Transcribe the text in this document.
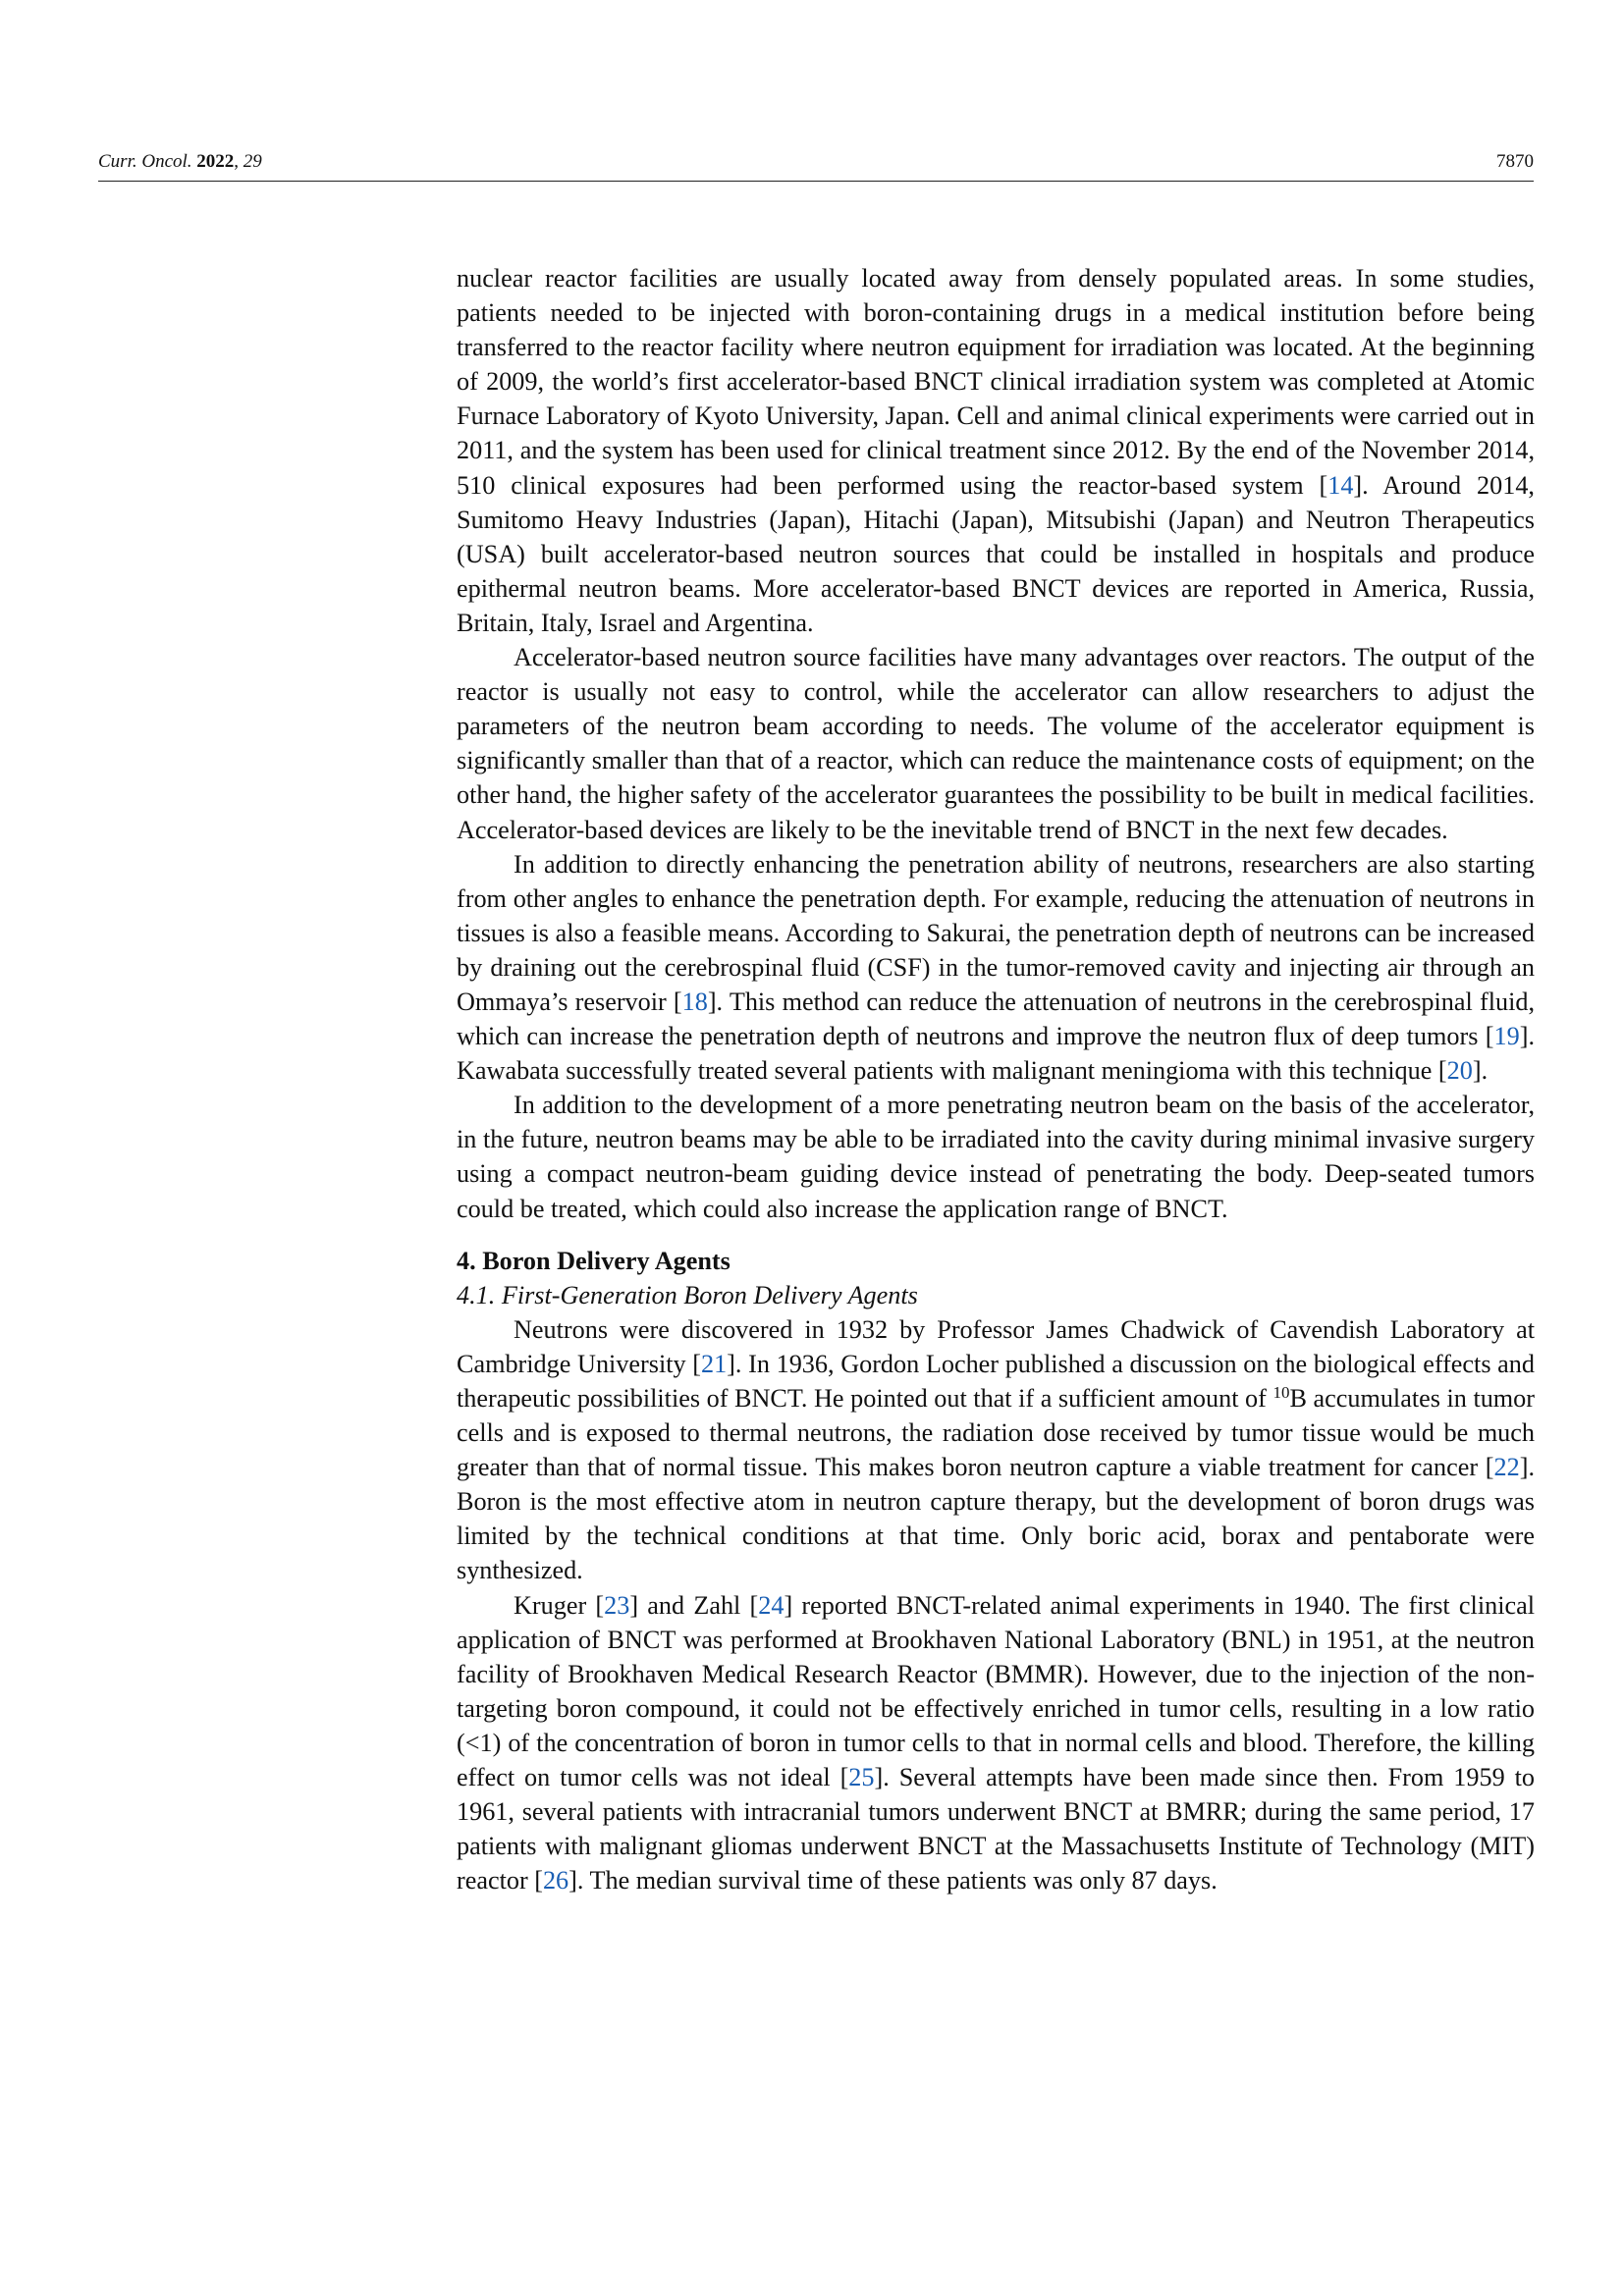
Curr. Oncol. 2022, 29	7870

nuclear reactor facilities are usually located away from densely populated areas. In some studies, patients needed to be injected with boron-containing drugs in a medical institution before being transferred to the reactor facility where neutron equipment for irradiation was located. At the beginning of 2009, the world’s first accelerator-based BNCT clinical irradiation system was completed at Atomic Furnace Laboratory of Kyoto University, Japan. Cell and animal clinical experiments were carried out in 2011, and the system has been used for clinical treatment since 2012. By the end of the November 2014, 510 clinical exposures had been performed using the reactor-based system [14]. Around 2014, Sumitomo Heavy Industries (Japan), Hitachi (Japan), Mitsubishi (Japan) and Neutron Therapeutics (USA) built accelerator-based neutron sources that could be installed in hospitals and produce epithermal neutron beams. More accelerator-based BNCT devices are reported in America, Russia, Britain, Italy, Israel and Argentina.

Accelerator-based neutron source facilities have many advantages over reactors. The output of the reactor is usually not easy to control, while the accelerator can allow researchers to adjust the parameters of the neutron beam according to needs. The volume of the accelerator equipment is significantly smaller than that of a reactor, which can reduce the maintenance costs of equipment; on the other hand, the higher safety of the accelerator guarantees the possibility to be built in medical facilities. Accelerator-based devices are likely to be the inevitable trend of BNCT in the next few decades.

In addition to directly enhancing the penetration ability of neutrons, researchers are also starting from other angles to enhance the penetration depth. For example, reducing the attenuation of neutrons in tissues is also a feasible means. According to Sakurai, the penetration depth of neutrons can be increased by draining out the cerebrospinal fluid (CSF) in the tumor-removed cavity and injecting air through an Ommaya’s reservoir [18]. This method can reduce the attenuation of neutrons in the cerebrospinal fluid, which can increase the penetration depth of neutrons and improve the neutron flux of deep tumors [19]. Kawabata successfully treated several patients with malignant meningioma with this technique [20].

In addition to the development of a more penetrating neutron beam on the basis of the accelerator, in the future, neutron beams may be able to be irradiated into the cavity during minimal invasive surgery using a compact neutron-beam guiding device instead of penetrating the body. Deep-seated tumors could be treated, which could also increase the application range of BNCT.

4. Boron Delivery Agents
4.1. First-Generation Boron Delivery Agents

Neutrons were discovered in 1932 by Professor James Chadwick of Cavendish Laboratory at Cambridge University [21]. In 1936, Gordon Locher published a discussion on the biological effects and therapeutic possibilities of BNCT. He pointed out that if a sufficient amount of $^{10}$B accumulates in tumor cells and is exposed to thermal neutrons, the radiation dose received by tumor tissue would be much greater than that of normal tissue. This makes boron neutron capture a viable treatment for cancer [22]. Boron is the most effective atom in neutron capture therapy, but the development of boron drugs was limited by the technical conditions at that time. Only boric acid, borax and pentaborate were synthesized.

Kruger [23] and Zahl [24] reported BNCT-related animal experiments in 1940. The first clinical application of BNCT was performed at Brookhaven National Laboratory (BNL) in 1951, at the neutron facility of Brookhaven Medical Research Reactor (BMMR). However, due to the injection of the non-targeting boron compound, it could not be effectively enriched in tumor cells, resulting in a low ratio (<1) of the concentration of boron in tumor cells to that in normal cells and blood. Therefore, the killing effect on tumor cells was not ideal [25]. Several attempts have been made since then. From 1959 to 1961, several patients with intracranial tumors underwent BNCT at BMRR; during the same period, 17 patients with malignant gliomas underwent BNCT at the Massachusetts Institute of Technology (MIT) reactor [26]. The median survival time of these patients was only 87 days.
